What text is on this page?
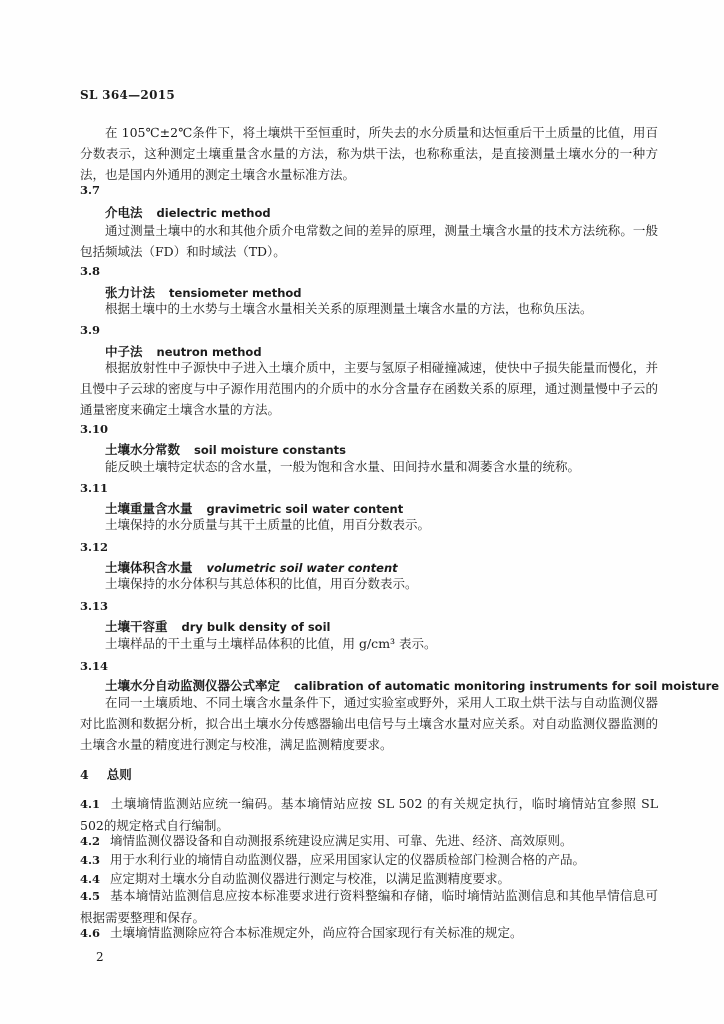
SL 364—2015

在 105℃±2℃条件下，将土壤烘干至恒重时，所失去的水分质量和达恒重后干土质量的比值，用百分数表示，这种测定土壤重量含水量的方法，称为烘干法，也称称重法，是直接测量土壤水分的一种方法，也是国内外通用的测定土壤含水量标准方法。

3.7
介电法 dielectric method

通过测量土壤中的水和其他介质介电常数之间的差异的原理，测量土壤含水量的技术方法统称。一般包括频域法（FD）和时域法（TD）。

3.8
张力计法 tensiometer method

根据土壤中的土水势与土壤含水量相关关系的原理测量土壤含水量的方法，也称负压法。

3.9
中子法 neutron method

根据放射性中子源快中子进入土壤介质中，主要与氢原子相碰撞减速，使快中子损失能量而慢化，并且慢中子云球的密度与中子源作用范围内的介质中的水分含量存在函数关系的原理，通过测量慢中子云的通量密度来确定土壤含水量的方法。

3.10
土壤水分常数 soil moisture constants

能反映土壤特定状态的含水量，一般为饱和含水量、田间持水量和凋萎含水量的统称。

3.11
土壤重量含水量 gravimetric soil water content

土壤保持的水分质量与其干土质量的比值，用百分数表示。

3.12
土壤体积含水量 volumetric soil water content

土壤保持的水分体积与其总体积的比值，用百分数表示。

3.13
土壤干容重 dry bulk density of soil

土壤样品的干土重与土壤样品体积的比值，用 g/cm³ 表示。

3.14
土壤水分自动监测仪器公式率定 calibration of automatic monitoring instruments for soil moisture

在同一土壤质地、不同土壤含水量条件下，通过实验室或野外，采用人工取土烘干法与自动监测仪器对比监测和数据分析，拟合出土壤水分传感器输出电信号与土壤含水量对应关系。对自动监测仪器监测的土壤含水量的精度进行测定与校准，满足监测精度要求。

4 总则
4.1 土壤墒情监测站应统一编码。基本墒情站应按 SL 502 的有关规定执行，临时墒情站宜参照 SL 502的规定格式自行编制。
4.2 墒情监测仪器设备和自动测报系统建设应满足实用、可靠、先进、经济、高效原则。
4.3 用于水利行业的墒情自动监测仪器，应采用国家认定的仪器质检部门检测合格的产品。
4.4 应定期对土壤水分自动监测仪器进行测定与校准，以满足监测精度要求。
4.5 基本墒情站监测信息应按本标准要求进行资料整编和存储，临时墒情站监测信息和其他旱情信息可根据需要整理和保存。
4.6 土壤墒情监测除应符合本标准规定外，尚应符合国家现行有关标准的规定。
2
